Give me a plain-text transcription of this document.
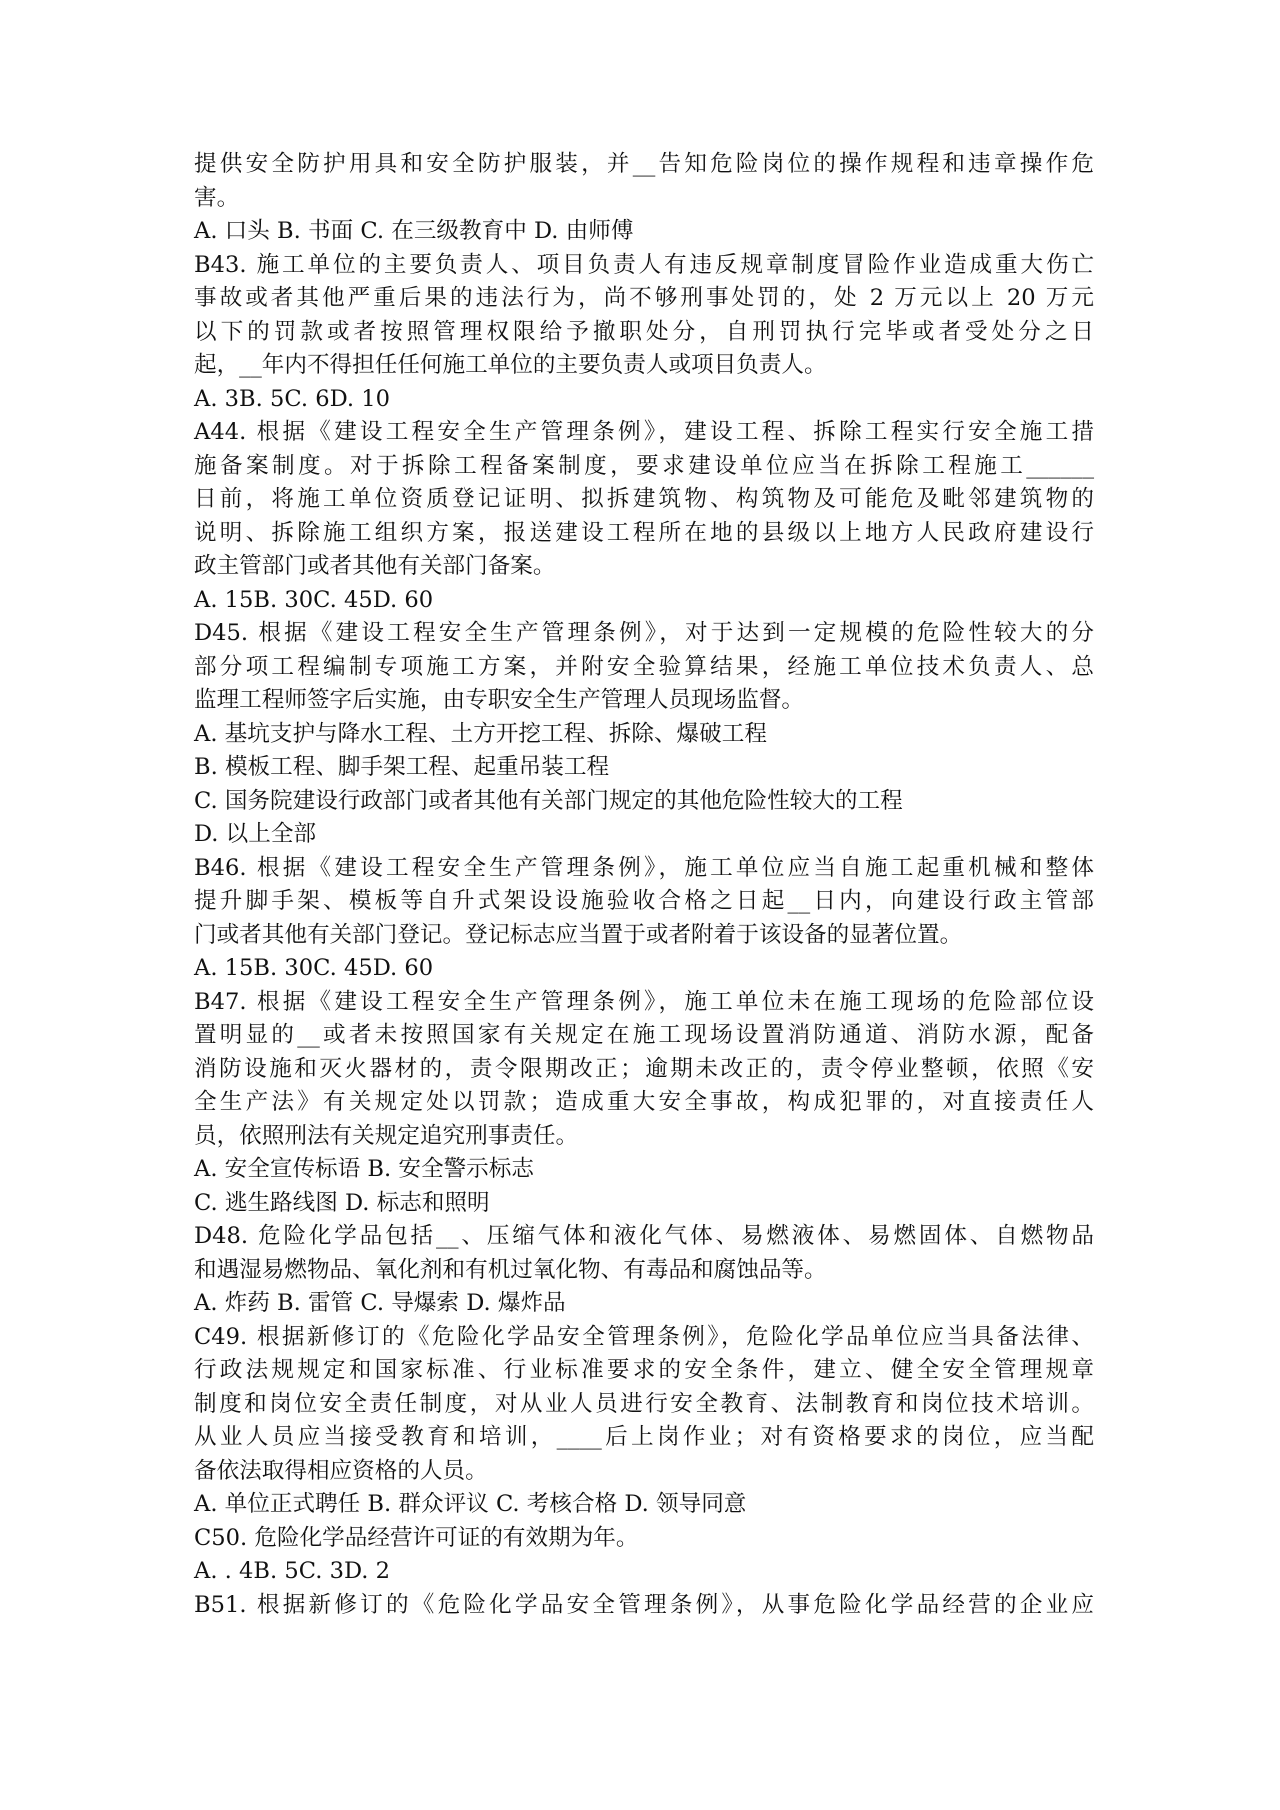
提供安全防护用具和安全防护服装，并__告知危险岗位的操作规程和违章操作危
害。
A. 口头 B. 书面 C. 在三级教育中 D. 由师傅
B43. 施工单位的主要负责人、项目负责人有违反规章制度冒险作业造成重大伤亡
事故或者其他严重后果的违法行为，尚不够刑事处罚的，处 2 万元以上 20 万元
以下的罚款或者按照管理权限给予撤职处分，自刑罚执行完毕或者受处分之日
起，__年内不得担任任何施工单位的主要负责人或项目负责人。
A. 3B. 5C. 6D. 10
A44. 根据《建设工程安全生产管理条例》，建设工程、拆除工程实行安全施工措
施备案制度。对于拆除工程备案制度，要求建设单位应当在拆除工程施工______
日前，将施工单位资质登记证明、拟拆建筑物、构筑物及可能危及毗邻建筑物的
说明、拆除施工组织方案，报送建设工程所在地的县级以上地方人民政府建设行
政主管部门或者其他有关部门备案。
A. 15B. 30C. 45D. 60
D45. 根据《建设工程安全生产管理条例》，对于达到一定规模的危险性较大的分
部分项工程编制专项施工方案，并附安全验算结果，经施工单位技术负责人、总
监理工程师签字后实施，由专职安全生产管理人员现场监督。
A. 基坑支护与降水工程、土方开挖工程、拆除、爆破工程
B. 模板工程、脚手架工程、起重吊装工程
C. 国务院建设行政部门或者其他有关部门规定的其他危险性较大的工程
D. 以上全部
B46. 根据《建设工程安全生产管理条例》，施工单位应当自施工起重机械和整体
提升脚手架、模板等自升式架设设施验收合格之日起__日内，向建设行政主管部
门或者其他有关部门登记。登记标志应当置于或者附着于该设备的显著位置。
A. 15B. 30C. 45D. 60
B47. 根据《建设工程安全生产管理条例》，施工单位未在施工现场的危险部位设
置明显的__或者未按照国家有关规定在施工现场设置消防通道、消防水源，配备
消防设施和灭火器材的，责令限期改正；逾期未改正的，责令停业整顿，依照《安
全生产法》有关规定处以罚款；造成重大安全事故，构成犯罪的，对直接责任人
员，依照刑法有关规定追究刑事责任。
A. 安全宣传标语 B. 安全警示标志
C. 逃生路线图 D. 标志和照明
D48. 危险化学品包括__、压缩气体和液化气体、易燃液体、易燃固体、自燃物品
和遇湿易燃物品、氧化剂和有机过氧化物、有毒品和腐蚀品等。
A. 炸药 B. 雷管 C. 导爆索 D. 爆炸品
C49. 根据新修订的《危险化学品安全管理条例》，危险化学品单位应当具备法律、
行政法规规定和国家标准、行业标准要求的安全条件，建立、健全安全管理规章
制度和岗位安全责任制度，对从业人员进行安全教育、法制教育和岗位技术培训。
从业人员应当接受教育和培训，____后上岗作业；对有资格要求的岗位，应当配
备依法取得相应资格的人员。
A. 单位正式聘任 B. 群众评议 C. 考核合格 D. 领导同意
C50. 危险化学品经营许可证的有效期为年。
A. . 4B. 5C. 3D. 2
B51. 根据新修订的《危险化学品安全管理条例》，从事危险化学品经营的企业应
